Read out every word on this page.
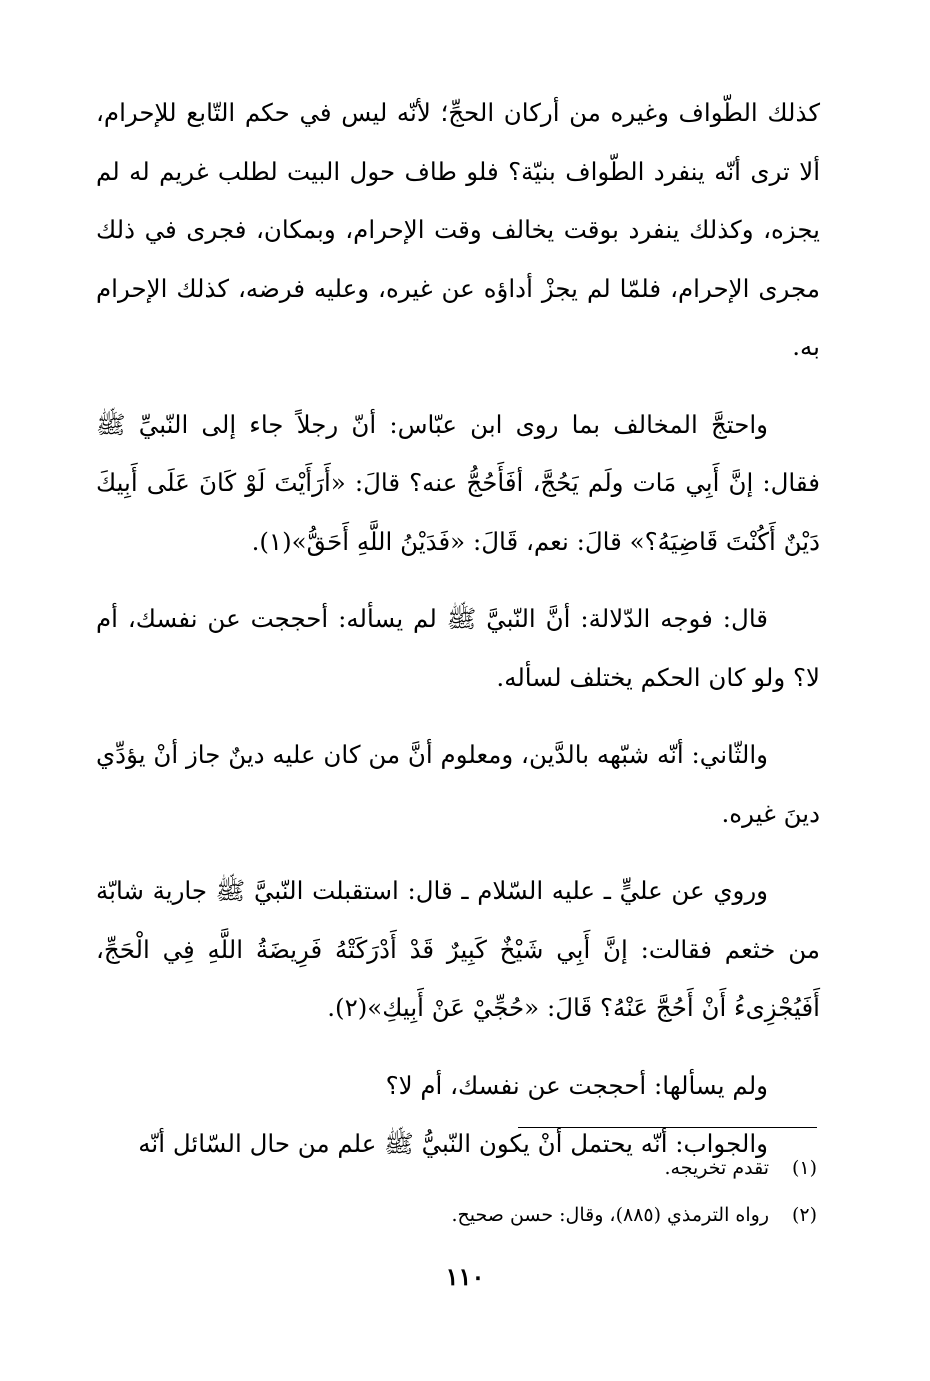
كذلك الطّواف وغيره من أركان الحجِّ؛ لأنّه ليس في حكم التّابع للإحرام، ألا ترى أنّه ينفرد الطّواف بنيّة؟ فلو طاف حول البيت لطلب غريم له لم يجزه، وكذلك ينفرد بوقت يخالف وقت الإحرام، وبمكان، فجرى في ذلك مجرى الإحرام، فلمّا لم يجزْ أداؤه عن غيره، وعليه فرضه، كذلك الإحرام به.

واحتجَّ المخالف بما روى ابن عبّاس: أنّ رجلاً جاء إلى النّبيِّ ﷺ فقال: إنَّ أَبِي مَات ولَم يَحُجَّ، أفَأَحُجُّ عنه؟ قالَ: «أَرَأَيْتَ لَوْ كَانَ عَلَى أَبِيكَ دَيْنٌ أَكُنْتَ قَاضِيَهُ؟» قالَ: نعم، قَالَ: «فَدَيْنُ اللَّهِ أَحَقُّ»(١).

قال: فوجه الدّلالة: أنَّ النّبيَّ ﷺ لم يسأله: أحججت عن نفسك، أم لا؟ ولو كان الحكم يختلف لسأله.

والثّاني: أنّه شبّهه بالدَّين، ومعلوم أنَّ من كان عليه دينٌ جاز أنْ يؤدِّي دينَ غيره.

وروي عن عليٍّ ـ عليه السّلام ـ قال: استقبلت النّبيَّ ﷺ جارية شابّة من خثعم فقالت: إنَّ أَبِي شَيْخٌ كَبِيرٌ قَدْ أَدْرَكَتْهُ فَرِيضَةُ اللَّهِ فِي الْحَجِّ، أَفَيُجْزِىءُ أَنْ أَحُجَّ عَنْهُ؟ قَالَ: «حُجِّيْ عَنْ أَبِيكِ»(٢).

ولم يسألها: أحججت عن نفسك، أم لا؟

والجواب: أنّه يحتمل أنْ يكون النّبيُّ ﷺ علم من حال السّائل أنّه

(١)تقدم تخريجه.

(٢)رواه الترمذي (٨٨٥)، وقال: حسن صحيح.

١١٠
